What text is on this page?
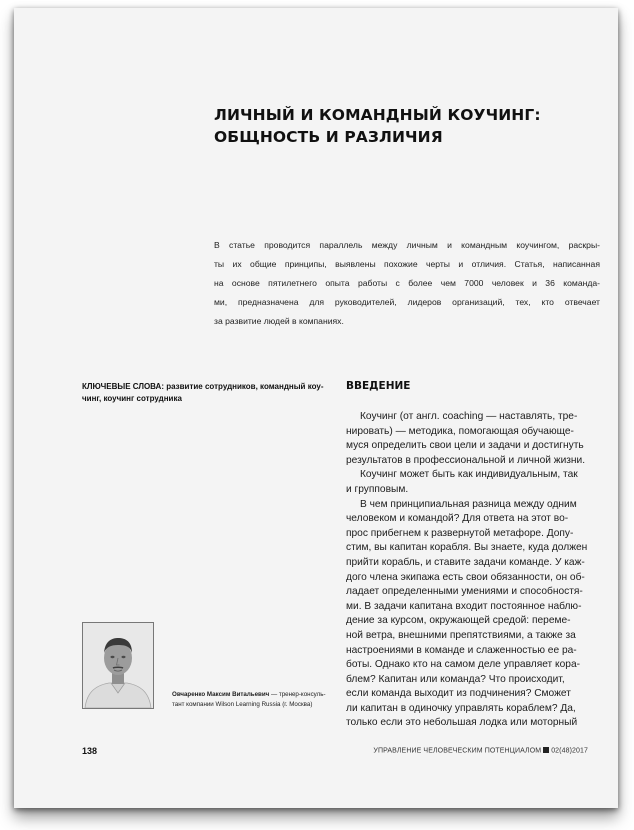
ЛИЧНЫЙ И КОМАНДНЫЙ КОУЧИНГ:
ОБЩНОСТЬ И РАЗЛИЧИЯ
В статье проводится параллель между личным и командным коучингом, раскры-
ты их общие принципы, выявлены похожие черты и отличия. Статья, написанная
на основе пятилетнего опыта работы с более чем 7000 человек и 36 команда-
ми, предназначена для руководителей, лидеров организаций, тех, кто отвечает
за развитие людей в компаниях.
КЛЮЧЕВЫЕ СЛОВА: развитие сотрудников, командный коу-
чинг, коучинг сотрудника
ВВЕДЕНИЕ
Коучинг (от англ. coaching — наставлять, тре-
нировать) — методика, помогающая обучающе-
муся определить свои цели и задачи и достигнуть
результатов в профессиональной и личной жизни.
Коучинг может быть как индивидуальным, так
и групповым.
В чем принципиальная разница между одним
человеком и командой? Для ответа на этот во-
прос прибегнем к развернутой метафоре. Допу-
стим, вы капитан корабля. Вы знаете, куда должен
прийти корабль, и ставите задачи команде. У каж-
дого члена экипажа есть свои обязанности, он об-
ладает определенными умениями и способностя-
ми. В задачи капитана входит постоянное наблю-
дение за курсом, окружающей средой: переме-
ной ветра, внешними препятствиями, а также за
настроениями в команде и слаженностью ее ра-
боты. Однако кто на самом деле управляет кора-
блем? Капитан или команда? Что происходит,
если команда выходит из подчинения? Сможет
ли капитан в одиночку управлять кораблем? Да,
только если это небольшая лодка или моторный
Овчаренко Максим Витальевич — тренер-консуль-
тант компании Wilson Learning Russia (г. Москва)
138	УПРАВЛЕНИЕ ЧЕЛОВЕЧЕСКИМ ПОТЕНЦИАЛОМ 02(48)2017
